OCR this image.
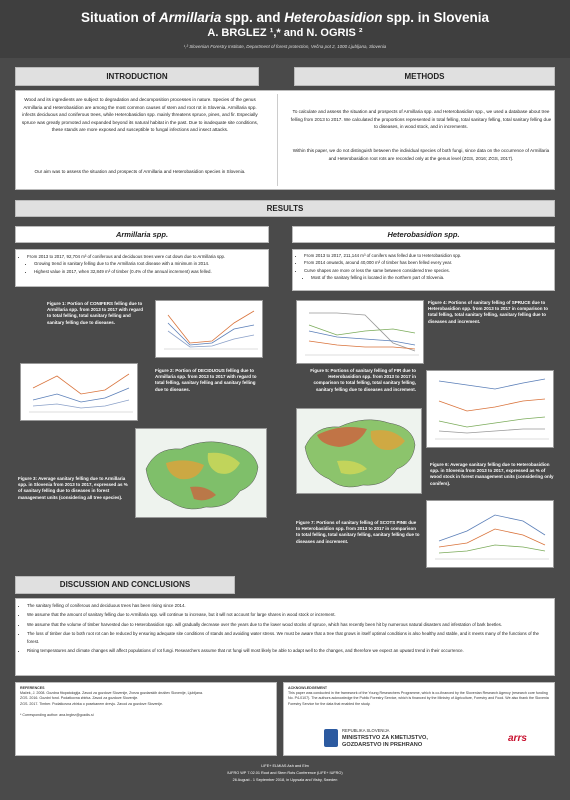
Situation of Armillaria spp. and Heterobasidion spp. in Slovenia
A. BRGLEZ ¹,* and N. OGRIS ²
¹,² Slovenian Forestry Institute, Department of forest protection, Večna pot 2, 1000 Ljubljana, Slovenia
INTRODUCTION	METHODS
Wood and its ingredients are subject to degradation and decomposition processes in nature. Species of the genus Armillaria and Heterobasidion are among the most common causes of stem and root rot in Slovenia. Armillaria spp. infects deciduous and coniferous trees, while Heterobasidion spp. mainly threatens spruce, pines, and fir. Especially spruce was greatly promoted and expanded beyond its natural habitat in the past. Due to inadequate site conditions, these stands are more exposed and susceptible to fungal infections and insect attacks.
Our aim was to assess the situation and prospects of Armillaria and Heterobasidion species in Slovenia.
To calculate and assess the situation and prospects of Armillaria spp. and Heterobasidion spp., we used a database about tree felling from 2013 to 2017. We calculated the proportions represented in total felling, total sanitary felling, total sanitary felling due to diseases, in wood stock, and in increments.
Within this paper, we do not distinguish between the individual species of both fungi, since data on the occurrence of Armillaria and Heterobasidion root rots are recorded only at the genus level (ZGS, 2016; ZGS, 2017).
RESULTS
Armillaria spp.	Heterobasidion spp.
• From 2013 to 2017, 92,704 m³ of coniferous and deciduous trees were cut down due to Armillaria spp.
• Growing trend in sanitary felling due to the Armillaria root disease with a minimum in 2014.
• Highest value in 2017, when 32,849 m³ of timber (0.4% of the annual increment) was felled.
• From 2013 to 2017, 211,144 m³ of conifers was felled due to Heterobasidion spp.
• From 2014 onwards, around 40,000 m³ of timber has been felled every year.
• Curve shapes are more or less the same between considered tree species.
• Most of the sanitary felling is located in the northern part of Slovenia.
Figure 1: Portion of CONIFERS felling due to Armillaria spp. from 2013 to 2017 with regard to total felling, total sanitary felling and sanitary felling due to diseases.
Figure 2: Portion of DECIDUOUS felling due to Armillaria spp. from 2013 to 2017 with regard to total felling, sanitary felling and sanitary felling due to diseases.
Figure 3: Average sanitary felling due to Armillaria spp. in Slovenia from 2013 to 2017, expressed as % of sanitary felling due to diseases in forest management units (considering all tree species).
Figure 4: Portions of sanitary felling of SPRUCE due to Heterobasidion spp. from 2013 to 2017 in comparison to total felling, total sanitary felling, sanitary felling due to diseases and increment.
Figure 5: Portions of sanitary felling of FIR due to Heterobasidion spp. from 2013 to 2017 in comparison to total felling, total sanitary felling, sanitary felling due to diseases and increment.
Figure 6: Average sanitary felling due to Heterobasidion spp. in Slovenia from 2013 to 2017, expressed as % of wood stock in forest management units (considering only conifers).
Figure 7: Portions of sanitary felling of SCOTS PINE due to Heterobasidion spp. from 2013 to 2017 in comparison to total felling, total sanitary felling, sanitary felling due to diseases and increment.
DISCUSSION AND CONCLUSIONS
• The sanitary felling of coniferous and deciduous trees has been rising since 2014.
• We assume that the amount of sanitary felling due to Armillaria spp. will continue to increase, but it will not account for large shares in wood stock or increment.
• We assume that the volume of timber harvested due to Heterobasidion spp. will gradually decrease over the years due to the lower wood stocks of spruce, which has recently been hit by numerous natural disasters and infestation of bark beetles.
• The loss of timber due to both root rot can be reduced by ensuring adequate site conditions of stands and avoiding water stress. We must be aware that a tree that grows in itself optimal conditions is also healthy and stable, and it meets many of the functions of the forest.
• Rising temperatures and climate changes will affect populations of rot fungi. Researchers assume that rot fungi will most likely be able to adapt well to the changes, and therefore we expect an upward trend in their occurrence.
REFERENCES
Maček, J. 2008. Gozdna fitopatologija. Zavod za gozdove Slovenije, Zveza gozdarskih društev Slovenije, Ljubljana.
ZGS. 2016. Gozdni fond. Podatkovna zbirka. Zavod za gozdove Slovenije.
ZGS. 2017. Timber. Podatkovna zbirka o posekanem drevju. Zavod za gozdove Slovenije.
* Corresponding author: ana.brglez@gozdis.si
ACKNOWLEDGEMENT
This paper was conducted in the framework of the Young Researchers Programme, which is co-financed by the Slovenian Research Agency (research core funding No. P4-0107). The authors acknowledge the Public Forestry Service, which is financed by the Ministry of Agriculture, Forestry and Food. We also thank the Slovenia Forestry Service for the data that enabled the study.
REPUBLIKA SLOVENIJA
MINISTRSTVO ZA KMETIJSTVO,
GOZDARSTVO IN PREHRANO
arrs
LIFE+ ELMIAS Ash and Elm
IUFRO WP 7.02.01 Root and Stem Rots Conference (LIFE+ IUFRO)
26 August - 1 September 2018, in Uppsala and Visby, Sweden
